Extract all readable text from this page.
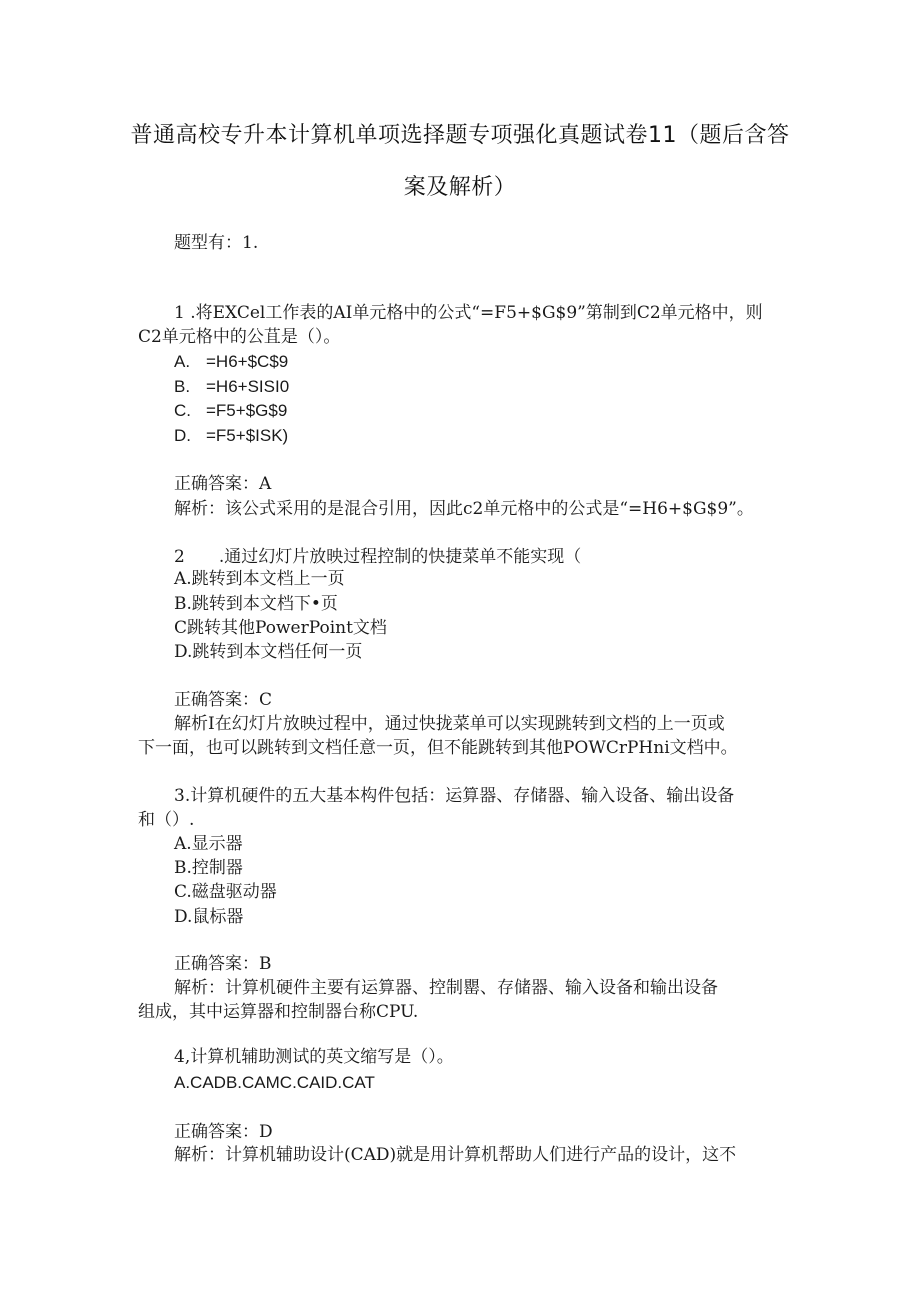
普通高校专升本计算机单项选择题专项强化真题试卷11（题后含答
案及解析）
题型有：1.
1 .将EXCel工作表的AI单元格中的公式“=F5+$G$9”第制到C2单元格中，则
C2单元格中的公苴是（）。
A. =H6+$C$9
B. =H6+SISI0
C. =F5+$G$9
D. =F5+$ISK)
正确答案：A
解析：该公式采用的是混合引用，因此c2单元格中的公式是“=H6+$G$9”。
2　　.通过幻灯片放映过程控制的快捷菜单不能实现（
A.跳转到本文档上一页
B.跳转到本文档下•页
C跳转其他PowerPoint文档
D.跳转到本文档任何一页
正确答案：C
解析I在幻灯片放映过程中，通过快拢菜单可以实现跳转到文档的上一页或
下一面，也可以跳转到文档任意一页，但不能跳转到其他POWCrPHni文档中。
3.计算机硬件的五大基本构件包括：运算器、存储器、输入设备、输出设备
和（）.
A.显示器
B.控制器
C.磁盘驱动器
D.鼠标器
正确答案：B
解析：计算机硬件主要有运算器、控制罌、存储器、输入设备和输出设备
组成，其中运算器和控制器台称CPU.
4,计算机辅助测试的英文缩写是（）。
A.CADB.CAMC.CAID.CAT
正确答案：D
解析：计算机辅助设计(CAD)就是用计算机帮助人们进行产品的设计，这不
